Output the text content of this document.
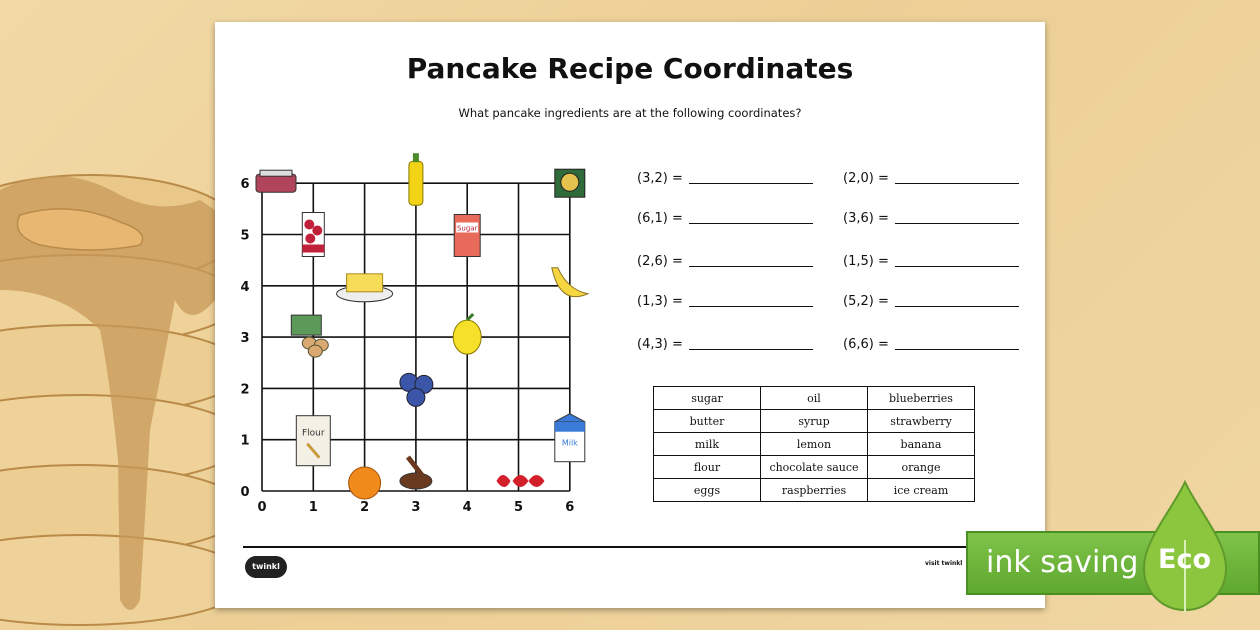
Pancake Recipe Coordinates
What pancake ingredients are at the following coordinates?
0	1	2	3	4	5	6
0
1
2
3
4
5
6
Sugar
Flour
Milk
(3,2) =	(2,0) =
(6,1) =	(3,6) =
(2,6) =	(1,5) =
(1,3) =	(5,2) =
(4,3) =	(6,6) =
sugar	oil	blueberries
butter	syrup	strawberry
milk	lemon	banana
flour	chocolate sauce	orange
eggs	raspberries	ice cream
twinkl	visit twinkl ink saving Eco
